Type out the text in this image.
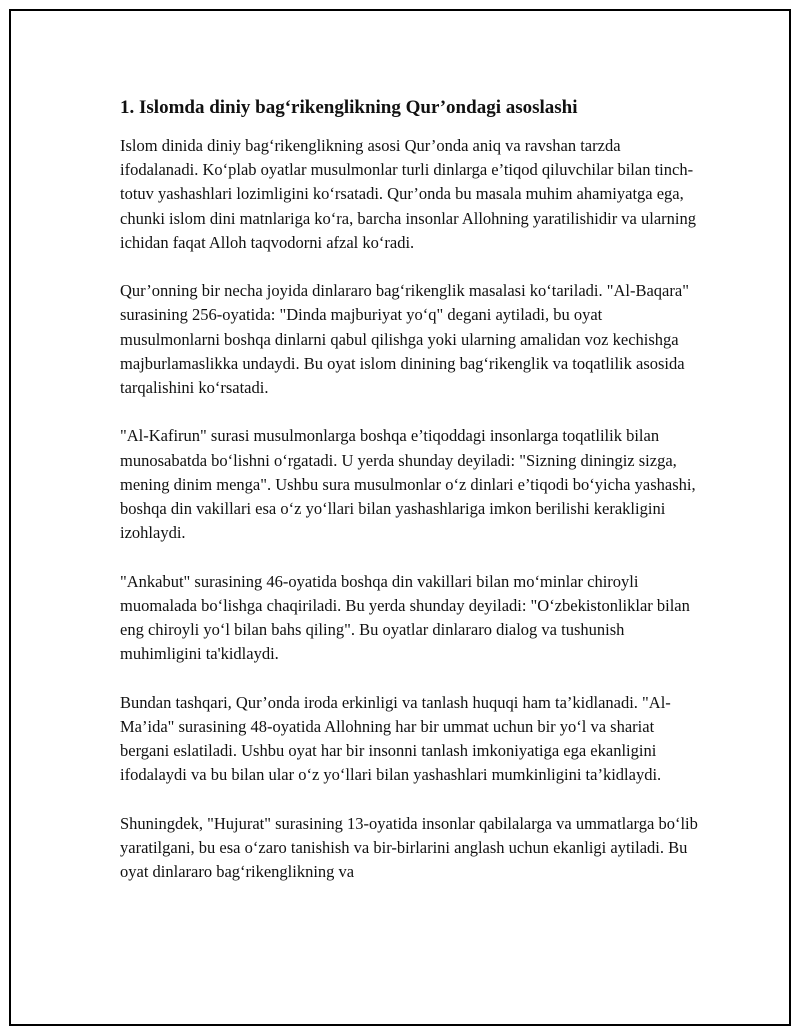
1. Islomda diniy bag‘rikenglikning Qur’ondagi asoslashi

Islom dinida diniy bag‘rikenglikning asosi Qur’onda aniq va ravshan tarzda ifodalanadi. Ko‘plab oyatlar musulmonlar turli dinlarga e’tiqod qiluvchilar bilan tinch-totuv yashashlari lozimligini ko‘rsatadi. Qur’onda bu masala muhim ahamiyatga ega, chunki islom dini matnlariga ko‘ra, barcha insonlar Allohning yaratilishidir va ularning ichidan faqat Alloh taqvodorni afzal ko‘radi.

Qur’onning bir necha joyida dinlararo bag‘rikenglik masalasi ko‘tariladi. "Al-Baqara" surasining 256-oyatida: "Dinda majburiyat yo‘q" degani aytiladi, bu oyat musulmonlarni boshqa dinlarni qabul qilishga yoki ularning amalidan voz kechishga majburlamaslikka undaydi. Bu oyat islom dinining bag‘rikenglik va toqatlilik asosida tarqalishini ko‘rsatadi.

"Al-Kafirun" surasi musulmonlarga boshqa e’tiqoddagi insonlarga toqatlilik bilan munosabatda bo‘lishni o‘rgatadi. U yerda shunday deyiladi: "Sizning diningiz sizga, mening dinim menga". Ushbu sura musulmonlar o‘z dinlari e’tiqodi bo‘yicha yashashi, boshqa din vakillari esa o‘z yo‘llari bilan yashashlariga imkon berilishi kerakligini izohlaydi.

"Ankabut" surasining 46-oyatida boshqa din vakillari bilan mo‘minlar chiroyli muomalada bo‘lishga chaqiriladi. Bu yerda shunday deyiladi: "O‘zbekistonliklar bilan eng chiroyli yo‘l bilan bahs qiling". Bu oyatlar dinlararo dialog va tushunish muhimligini ta'kidlaydi.

Bundan tashqari, Qur’onda iroda erkinligi va tanlash huquqi ham ta’kidlanadi. "Al-Ma’ida" surasining 48-oyatida Allohning har bir ummat uchun bir yo‘l va shariat bergani eslatiladi. Ushbu oyat har bir insonni tanlash imkoniyatiga ega ekanligini ifodalaydi va bu bilan ular o‘z yo‘llari bilan yashashlari mumkinligini ta’kidlaydi.

Shuningdek, "Hujurat" surasining 13-oyatida insonlar qabilalarga va ummatlarga bo‘lib yaratilgani, bu esa o‘zaro tanishish va bir-birlarini anglash uchun ekanligi aytiladi. Bu oyat dinlararo bag‘rikenglikning va
